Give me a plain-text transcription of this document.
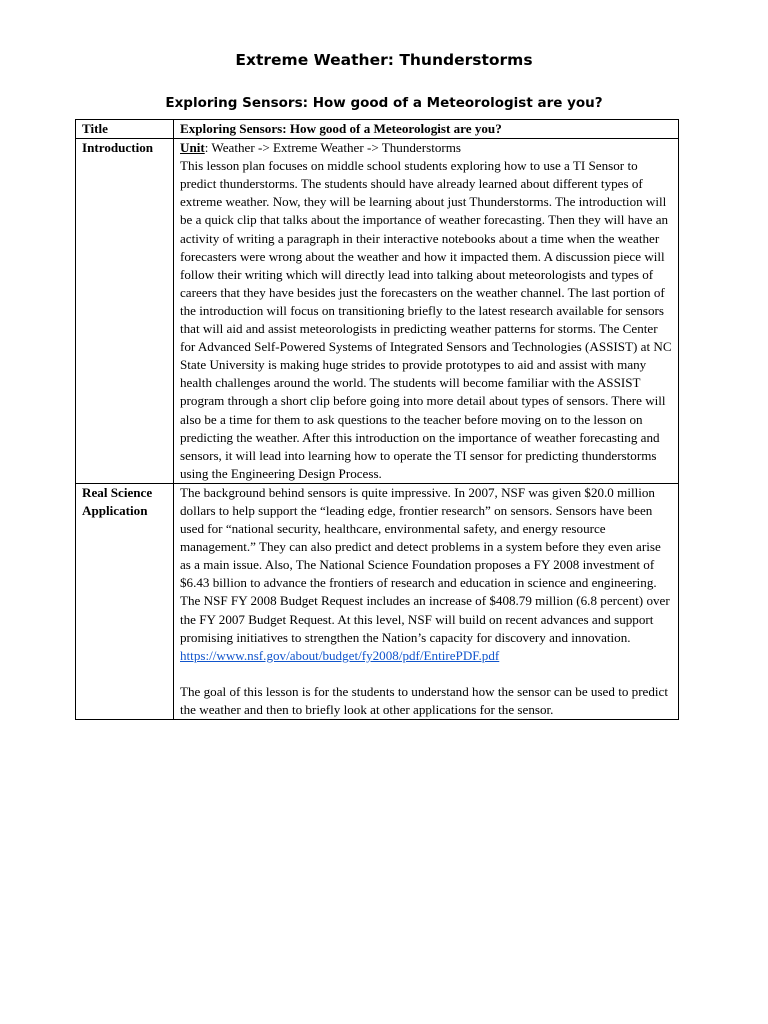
Extreme Weather: Thunderstorms
Exploring Sensors: How good of a Meteorologist are you?
Title	Exploring Sensors: How good of a Meteorologist are you?

Introduction	Unit: Weather -> Extreme Weather -> Thunderstorms
This lesson plan focuses on middle school students exploring how to use a TI Sensor to predict thunderstorms. The students should have already learned about different types of extreme weather. Now, they will be learning about just Thunderstorms. The introduction will be a quick clip that talks about the importance of weather forecasting. Then they will have an activity of writing a paragraph in their interactive notebooks about a time when the weather forecasters were wrong about the weather and how it impacted them. A discussion piece will follow their writing which will directly lead into talking about meteorologists and types of careers that they have besides just the forecasters on the weather channel. The last portion of the introduction will focus on transitioning briefly to the latest research available for sensors that will aid and assist meteorologists in predicting weather patterns for storms. The Center for Advanced Self-Powered Systems of Integrated Sensors and Technologies (ASSIST) at NC State University is making huge strides to provide prototypes to aid and assist with many health challenges around the world. The students will become familiar with the ASSIST program through a short clip before going into more detail about types of sensors. There will also be a time for them to ask questions to the teacher before moving on to the lesson on predicting the weather. After this introduction on the importance of weather forecasting and sensors, it will lead into learning how to operate the TI sensor for predicting thunderstorms using the Engineering Design Process.

Real Science
Application	The background behind sensors is quite impressive. In 2007, NSF was given $20.0 million dollars to help support the “leading edge, frontier research” on sensors. Sensors have been used for “national security, healthcare, environmental safety, and energy resource management.” They can also predict and detect problems in a system before they even arise as a main issue. Also, The National Science Foundation proposes a FY 2008 investment of $6.43 billion to advance the frontiers of research and education in science and engineering. The NSF FY 2008 Budget Request includes an increase of $408.79 million (6.8 percent) over the FY 2007 Budget Request. At this level, NSF will build on recent advances and support promising initiatives to strengthen the Nation’s capacity for discovery and innovation.
https://www.nsf.gov/about/budget/fy2008/pdf/EntirePDF.pdf
The goal of this lesson is for the students to understand how the sensor can be used to predict the weather and then to briefly look at other applications for the sensor.
